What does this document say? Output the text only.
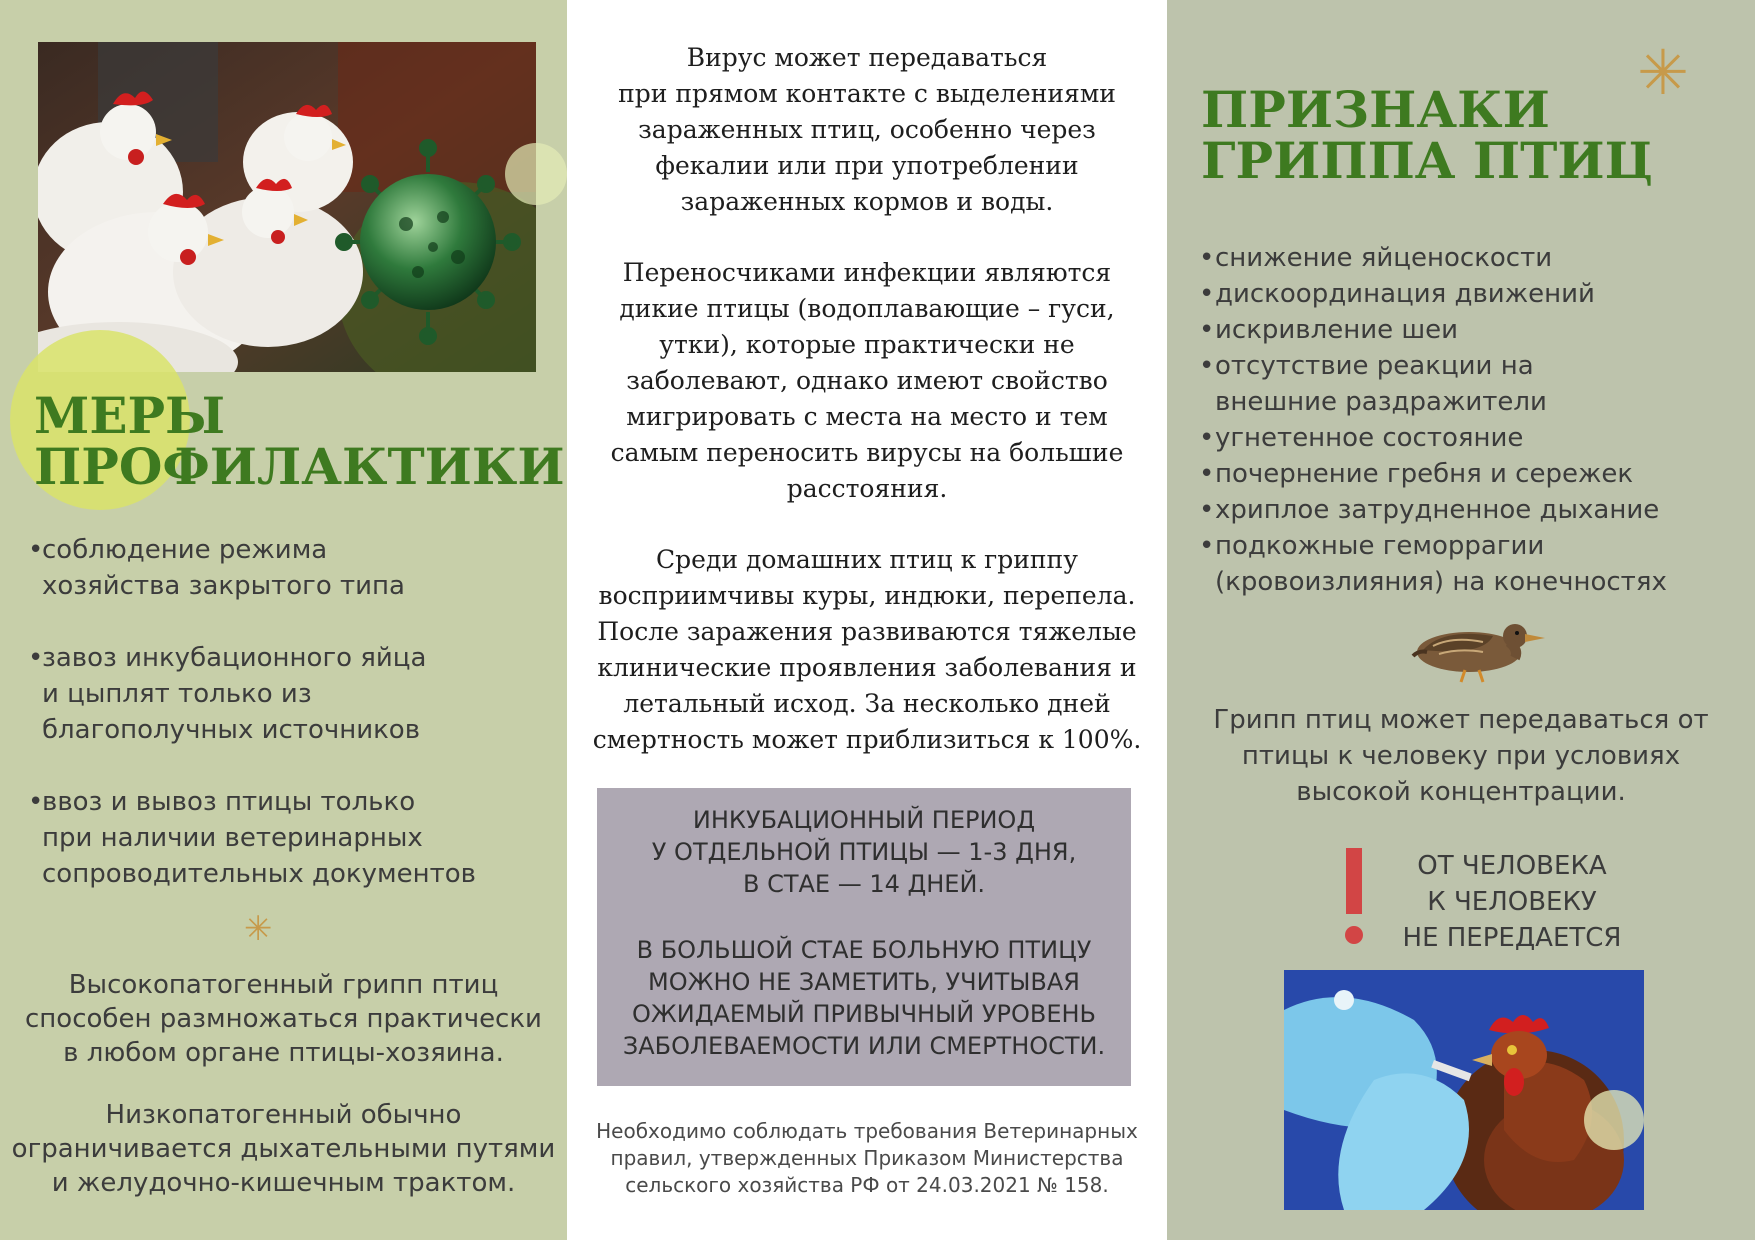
МЕРЫ
ПРОФИЛАКТИКИ
•
соблюдение режима
хозяйства закрытого типа
•
завоз инкубационного яйца
и цыплят только из
благополучных источников
•
ввоз и вывоз птицы только
при наличии ветеринарных
сопроводительных документов
✳
Высокопатогенный грипп птиц
способен размножаться практически
в любом органе птицы-хозяина.
Низкопатогенный обычно
ограничивается дыхательными путями
и желудочно-кишечным трактом.
Вирус может передаваться
при прямом контакте с выделениями
зараженных птиц, особенно через
фекалии или при употреблении
зараженных кормов и воды.
Переносчиками инфекции являются
дикие птицы (водоплавающие – гуси,
утки), которые практически не
заболевают, однако имеют свойство
мигрировать с места на место и тем
самым переносить вирусы на большие
расстояния.
Среди домашних птиц к гриппу
восприимчивы куры, индюки, перепела.
После заражения развиваются тяжелые
клинические проявления заболевания и
летальный исход. За несколько дней
смертность может приблизиться к 100%.
ИНКУБАЦИОННЫЙ ПЕРИОД
У ОТДЕЛЬНОЙ ПТИЦЫ — 1-3 ДНЯ,
В СТАЕ — 14 ДНЕЙ.
В БОЛЬШОЙ СТАЕ БОЛЬНУЮ ПТИЦУ
МОЖНО НЕ ЗАМЕТИТЬ, УЧИТЫВАЯ
ОЖИДАЕМЫЙ ПРИВЫЧНЫЙ УРОВЕНЬ
ЗАБОЛЕВАЕМОСТИ ИЛИ СМЕРТНОСТИ.
Необходимо соблюдать требования Ветеринарных
правил, утвержденных Приказом Министерства
сельского хозяйства РФ от 24.03.2021 № 158.
✳
ПРИЗНАКИ
ГРИППА ПТИЦ
• снижение яйценоскости
• дискоординация движений
• искривление шеи
• отсутствие реакции на
внешние раздражители
• угнетенное состояние
• почернение гребня и сережек
• хриплое затрудненное дыхание
• подкожные геморрагии
(кровоизлияния) на конечностях
Грипп птиц может передаваться от
птицы к человеку при условиях
высокой концентрации.
ОТ ЧЕЛОВЕКА
К ЧЕЛОВЕКУ
НЕ ПЕРЕДАЕТСЯ
